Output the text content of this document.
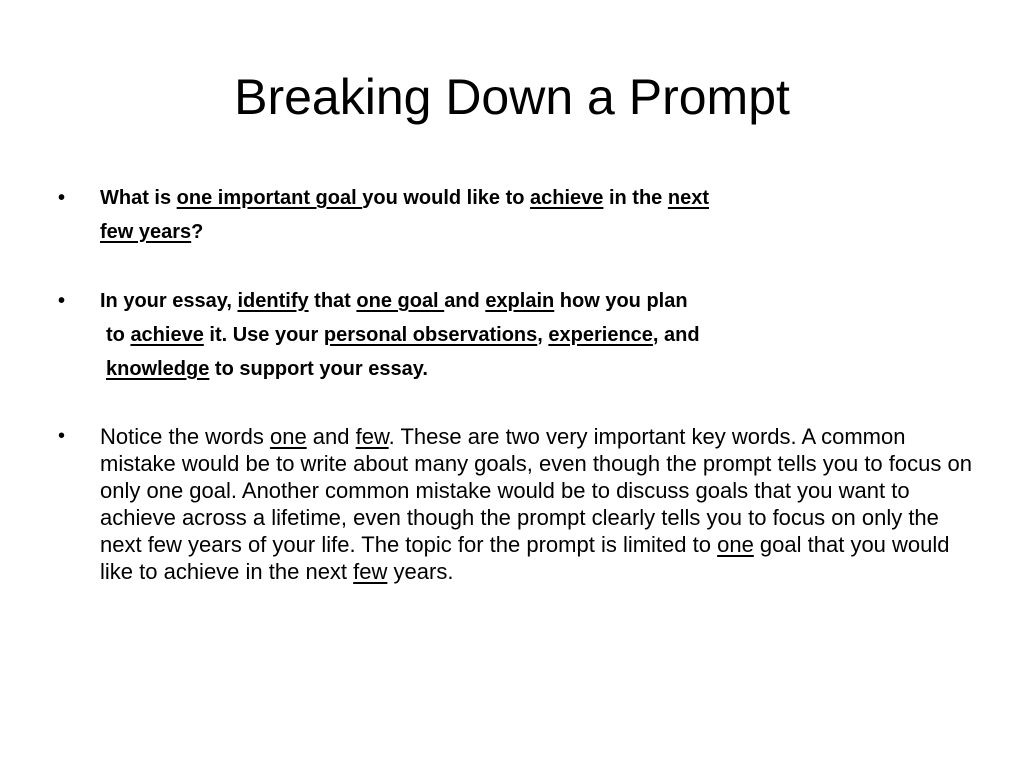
Breaking Down a Prompt
• What is one important goal you would like to achieve in the next
few years?
• In your essay, identify that one goal and explain how you plan
to achieve it. Use your personal observations, experience, and
knowledge to support your essay.
• Notice the words one and few. These are two very important key words. A common mistake would be to write about many goals, even though the prompt tells you to focus on only one goal. Another common mistake would be to discuss goals that you want to achieve across a lifetime, even though the prompt clearly tells you to focus on only the next few years of your life. The topic for the prompt is limited to one goal that you would like to achieve in the next few years.
